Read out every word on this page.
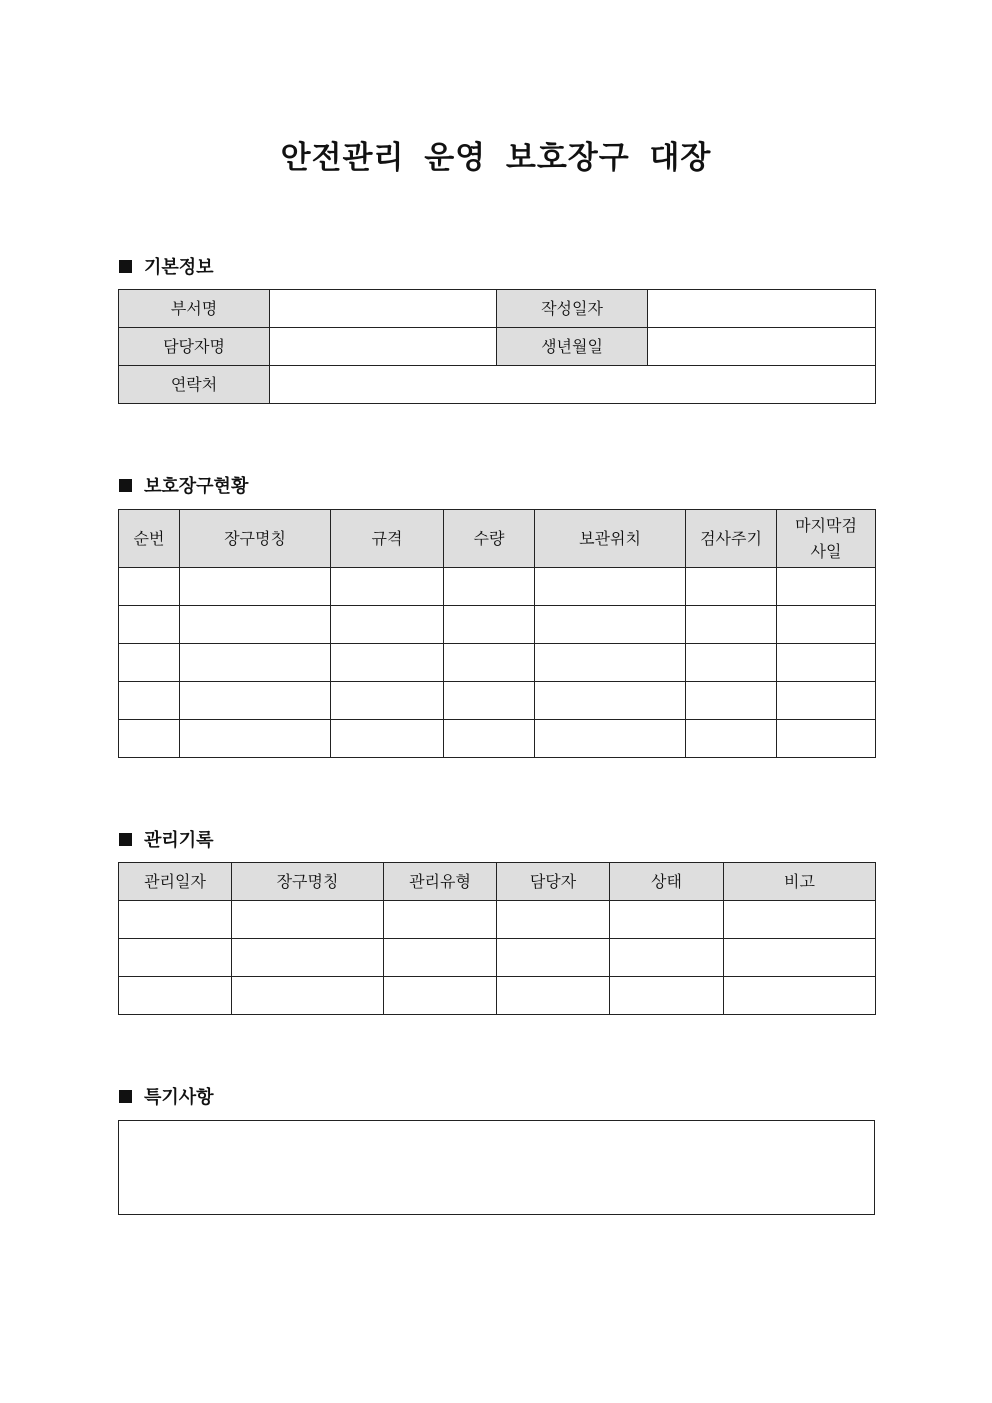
안전관리 운영 보호장구 대장
기본정보
부서명		작성일자	
담당자명		생년월일	
연락처			
보호장구현황
순번	장구명칭	규격	수량	보관위치	검사주기	마지막검사일

관리기록
관리일자	장구명칭	관리유형	담당자	상태	비고

특기사항
